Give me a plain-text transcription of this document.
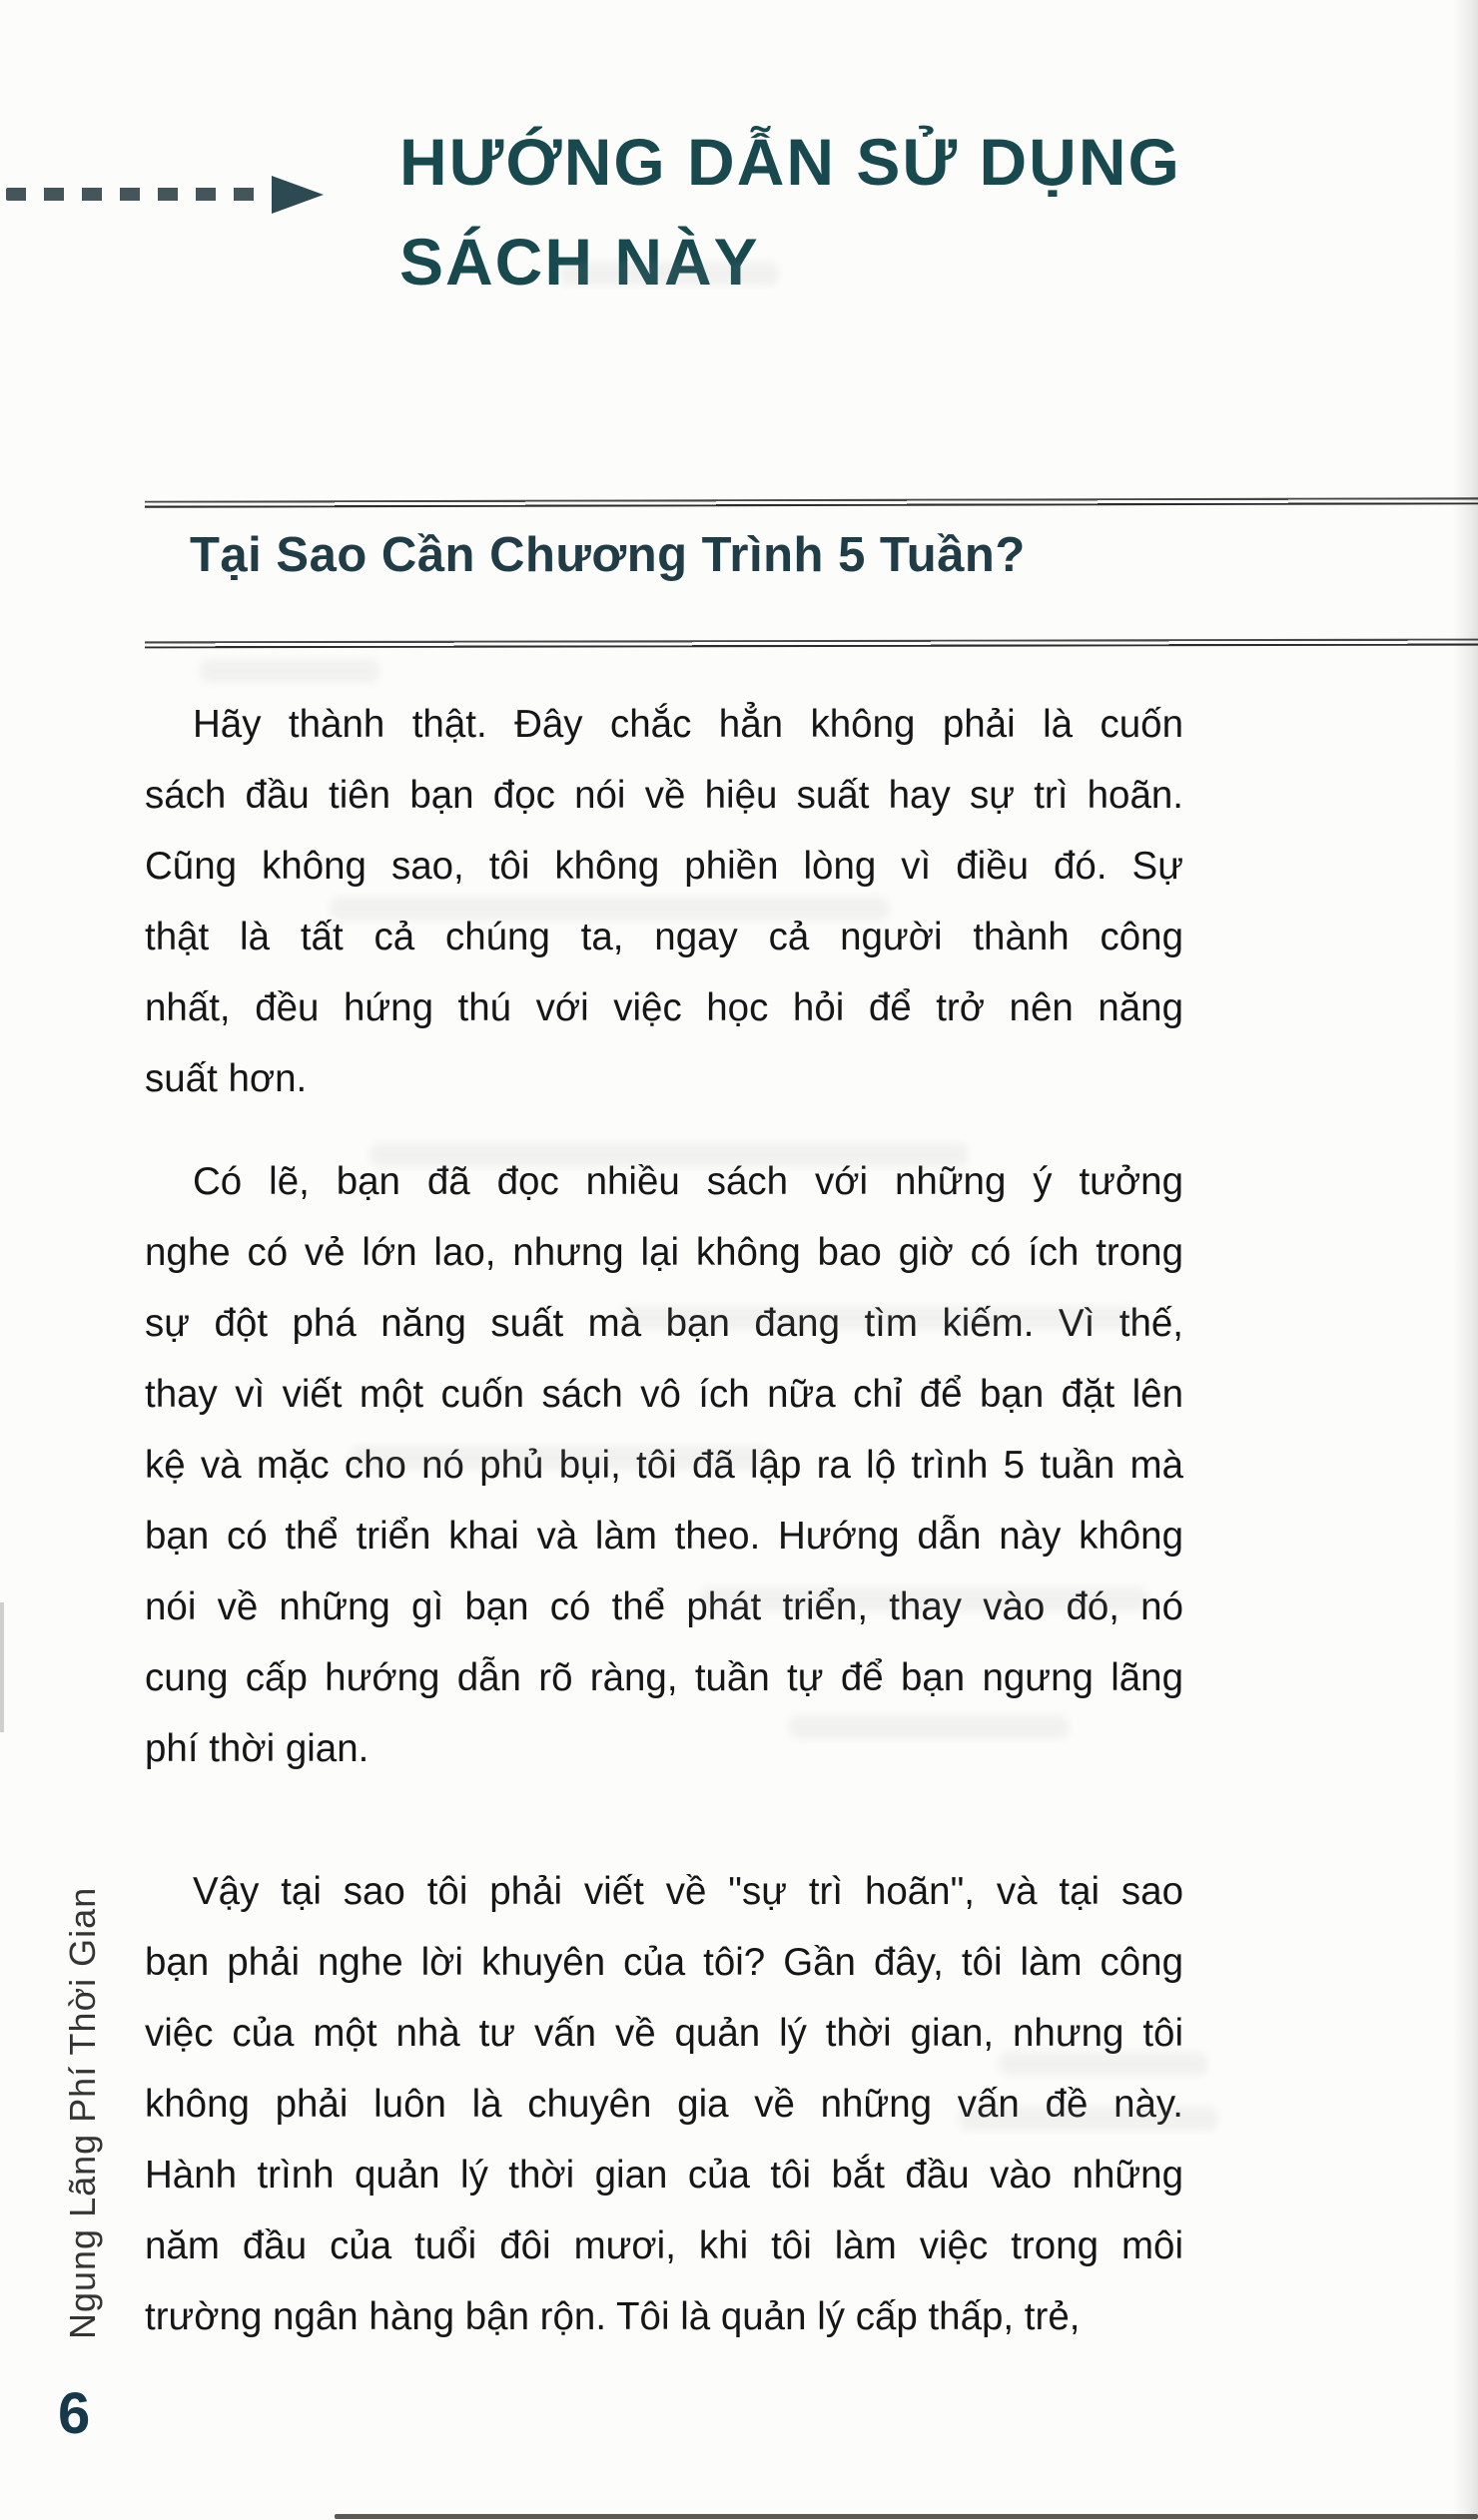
HƯỚNG DẪN SỬ DỤNG
SÁCH NÀY
Tại Sao Cần Chương Trình 5 Tuần?
Hãy thành thật. Đây chắc hẳn không phải là cuốn
sách đầu tiên bạn đọc nói về hiệu suất hay sự trì hoãn.
Cũng không sao, tôi không phiền lòng vì điều đó. Sự
thật là tất cả chúng ta, ngay cả người thành công
nhất, đều hứng thú với việc học hỏi để trở nên năng
suất hơn.
Có lẽ, bạn đã đọc nhiều sách với những ý tưởng
nghe có vẻ lớn lao, nhưng lại không bao giờ có ích trong
sự đột phá năng suất mà bạn đang tìm kiếm. Vì thế,
thay vì viết một cuốn sách vô ích nữa chỉ để bạn đặt lên
kệ và mặc cho nó phủ bụi, tôi đã lập ra lộ trình 5 tuần mà
bạn có thể triển khai và làm theo. Hướng dẫn này không
nói về những gì bạn có thể phát triển, thay vào đó, nó
cung cấp hướng dẫn rõ ràng, tuần tự để bạn ngưng lãng
phí thời gian.
Vậy tại sao tôi phải viết về "sự trì hoãn", và tại sao
bạn phải nghe lời khuyên của tôi? Gần đây, tôi làm công
việc của một nhà tư vấn về quản lý thời gian, nhưng tôi
không phải luôn là chuyên gia về những vấn đề này.
Hành trình quản lý thời gian của tôi bắt đầu vào những
năm đầu của tuổi đôi mươi, khi tôi làm việc trong môi
trường ngân hàng bận rộn. Tôi là quản lý cấp thấp, trẻ,
Ngung Lãng Phí Thời Gian
6
